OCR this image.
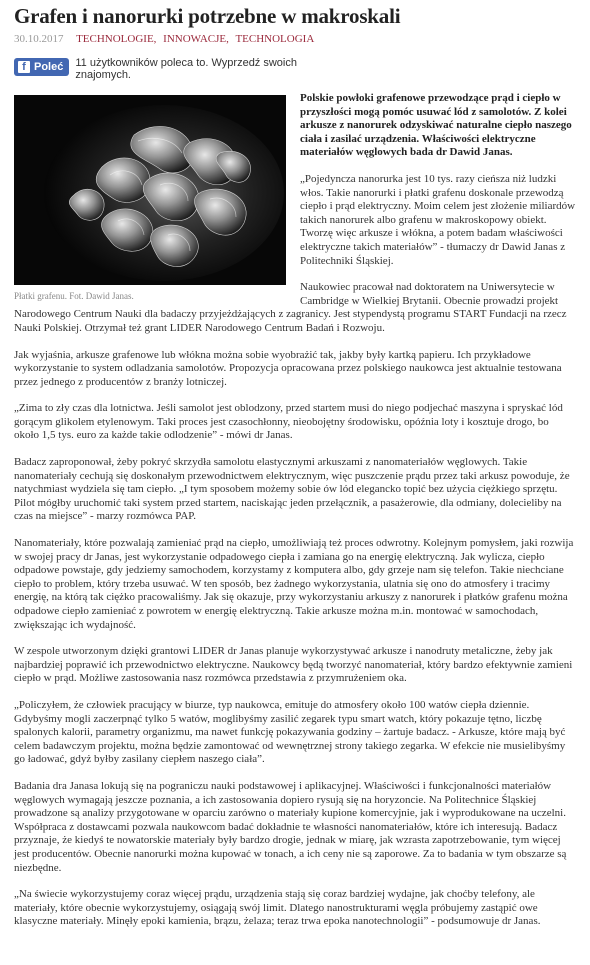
Grafen i nanorurki potrzebne w makroskali
30.10.2017 TECHNOLOGIE, INNOWACJE, TECHNOLOGIA
f Poleć 11 użytkowników poleca to. Wyprzedź swoich znajomych.
Płatki grafenu. Fot. Dawid Janas.
Polskie powłoki grafenowe przewodzące prąd i ciepło w przyszłości mogą pomóc usuwać lód z samolotów. Z kolei arkusze z nanorurek odzyskiwać naturalne ciepło naszego ciała i zasilać urządzenia. Właściwości elektryczne materiałów węglowych bada dr Dawid Janas.

„Pojedyncza nanorurka jest 10 tys. razy cieńsza niż ludzki włos. Takie nanorurki i płatki grafenu doskonale przewodzą ciepło i prąd elektryczny. Moim celem jest złożenie miliardów takich nanorurek albo grafenu w makroskopowy obiekt. Tworzę więc arkusze i włókna, a potem badam właściwości elektryczne takich materiałów” - tłumaczy dr Dawid Janas z Politechniki Śląskiej.

Naukowiec pracował nad doktoratem na Uniwersytecie w Cambridge w Wielkiej Brytanii. Obecnie prowadzi projekt Narodowego Centrum Nauki dla badaczy przyjeżdżających z zagranicy. Jest stypendystą programu START Fundacji na rzecz Nauki Polskiej. Otrzymał też grant LIDER Narodowego Centrum Badań i Rozwoju.

Jak wyjaśnia, arkusze grafenowe lub włókna można sobie wyobrażić tak, jakby były kartką papieru. Ich przykładowe wykorzystanie to system odladzania samolotów. Propozycja opracowana przez polskiego naukowca jest aktualnie testowana przez jednego z producentów z branży lotniczej.

„Zima to zły czas dla lotnictwa. Jeśli samolot jest oblodzony, przed startem musi do niego podjechać maszyna i spryskać lód gorącym glikolem etylenowym. Taki proces jest czasochłonny, nieobojętny środowisku, opóźnia loty i kosztuje drogo, bo około 1,5 tys. euro za każde takie odlodzenie” - mówi dr Janas.

Badacz zaproponował, żeby pokryć skrzydła samolotu elastycznymi arkuszami z nanomateriałów węglowych. Takie nanomateriały cechują się doskonałym przewodnictwem elektrycznym, więc puszczenie prądu przez taki arkusz powoduje, że natychmiast wydziela się tam ciepło. „I tym sposobem możemy sobie ów lód elegancko topić bez użycia ciężkiego sprzętu. Pilot mógłby uruchomić taki system przed startem, naciskając jeden przełącznik, a pasażerowie, dla odmiany, dolecieliby na czas na miejsce” - marzy rozmówca PAP.

Nanomateriały, które pozwalają zamieniać prąd na ciepło, umożliwiają też proces odwrotny. Kolejnym pomysłem, jaki rozwija w swojej pracy dr Janas, jest wykorzystanie odpadowego ciepła i zamiana go na energię elektryczną. Jak wylicza, ciepło odpadowe powstaje, gdy jedziemy samochodem, korzystamy z komputera albo, gdy grzeje nam się telefon. Takie niechciane ciepło to problem, który trzeba usuwać. W ten sposób, bez żadnego wykorzystania, ulatnia się ono do atmosfery i tracimy energię, na którą tak ciężko pracowaliśmy. Jak się okazuje, przy wykorzystaniu arkuszy z nanorurek i płatków grafenu można odpadowe ciepło zamieniać z powrotem w energię elektryczną. Takie arkusze można m.in. montować w samochodach, zwiększając ich wydajność.

W zespole utworzonym dzięki grantowi LIDER dr Janas planuje wykorzystywać arkusze i nanodruty metaliczne, żeby jak najbardziej poprawić ich przewodnictwo elektryczne. Naukowcy będą tworzyć nanomateriał, który bardzo efektywnie zamieni ciepło w prąd. Możliwe zastosowania nasz rozmówca przedstawia z przymrużeniem oka.

„Policzyłem, że człowiek pracujący w biurze, typ naukowca, emituje do atmosfery około 100 watów ciepła dziennie. Gdybyśmy mogli zaczerpnąć tylko 5 watów, moglibyśmy zasilić zegarek typu smart watch, który pokazuje tętno, liczbę spalonych kalorii, parametry organizmu, ma nawet funkcję pokazywania godziny – żartuje badacz. - Arkusze, które mają być celem badawczym projektu, można będzie zamontować od wewnętrznej strony takiego zegarka. W efekcie nie musielibyśmy go ładować, gdyż byłby zasilany ciepłem naszego ciała”.

Badania dra Janasa lokują się na pograniczu nauki podstawowej i aplikacyjnej. Właściwości i funkcjonalności materiałów węglowych wymagają jeszcze poznania, a ich zastosowania dopiero rysują się na horyzoncie. Na Politechnice Śląskiej prowadzone są analizy przygotowane w oparciu zarówno o materiały kupione komercyjnie, jak i wyprodukowane na uczelni. Współpraca z dostawcami pozwala naukowcom badać dokładnie te własności nanomateriałów, które ich interesują. Badacz przyznaje, że kiedyś te nowatorskie materiały były bardzo drogie, jednak w miarę, jak wzrasta zapotrzebowanie, tym więcej jest producentów. Obecnie nanorurki można kupować w tonach, a ich ceny nie są zaporowe. Za to badania w tym obszarze są niezbędne.

„Na świecie wykorzystujemy coraz więcej prądu, urządzenia stają się coraz bardziej wydajne, jak choćby telefony, ale materiały, które obecnie wykorzystujemy, osiągają swój limit. Dlatego nanostrukturami węgla próbujemy zastąpić owe klasyczne materiały. Minęły epoki kamienia, brązu, żelaza; teraz trwa epoka nanotechnologii” - podsumowuje dr Janas.
